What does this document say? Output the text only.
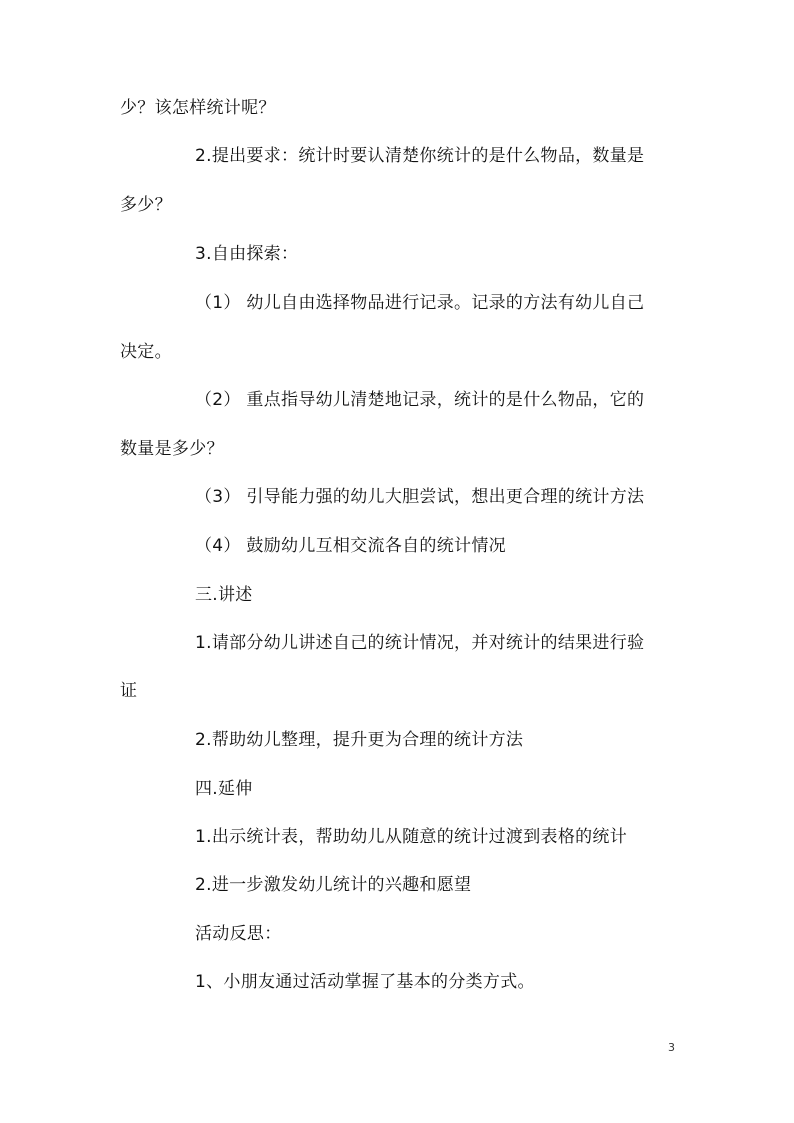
少？该怎样统计呢？
2.提出要求：统计时要认清楚你统计的是什么物品，数量是
多少？
3.自由探索：
（1） 幼儿自由选择物品进行记录。记录的方法有幼儿自己
决定。
（2） 重点指导幼儿清楚地记录，统计的是什么物品，它的
数量是多少？
（3） 引导能力强的幼儿大胆尝试，想出更合理的统计方法
（4） 鼓励幼儿互相交流各自的统计情况
三.讲述
1.请部分幼儿讲述自己的统计情况，并对统计的结果进行验
证
2.帮助幼儿整理，提升更为合理的统计方法
四.延伸
1.出示统计表，帮助幼儿从随意的统计过渡到表格的统计
2.进一步激发幼儿统计的兴趣和愿望
活动反思：
1、小朋友通过活动掌握了基本的分类方式。
3
